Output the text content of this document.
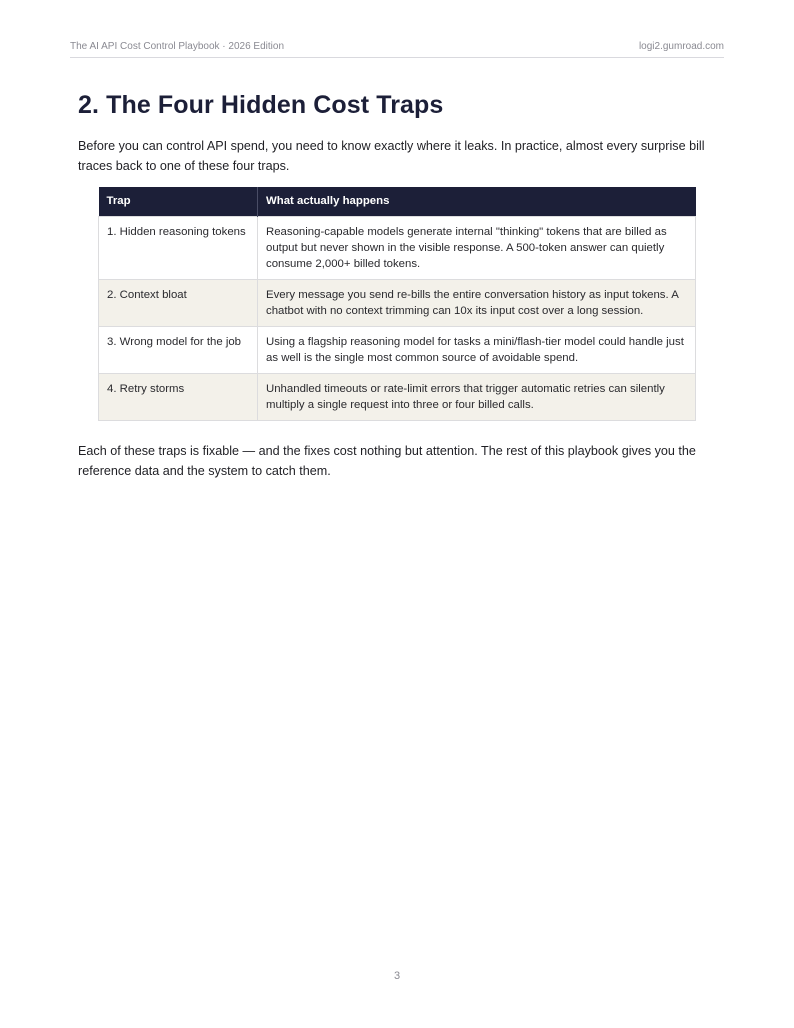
The AI API Cost Control Playbook · 2026 Edition	logi2.gumroad.com
2. The Four Hidden Cost Traps

Before you can control API spend, you need to know exactly where it leaks. In practice, almost every surprise bill traces back to one of these four traps.

Trap	What actually happens
1. Hidden reasoning tokens	Reasoning-capable models generate internal "thinking" tokens that are billed as output but never shown in the visible response. A 500-token answer can quietly consume 2,000+ billed tokens.
2. Context bloat	Every message you send re-bills the entire conversation history as input tokens. A chatbot with no context trimming can 10x its input cost over a long session.
3. Wrong model for the job	Using a flagship reasoning model for tasks a mini/flash-tier model could handle just as well is the single most common source of avoidable spend.
4. Retry storms	Unhandled timeouts or rate-limit errors that trigger automatic retries can silently multiply a single request into three or four billed calls.

Each of these traps is fixable — and the fixes cost nothing but attention. The rest of this playbook gives you the reference data and the system to catch them.

3
